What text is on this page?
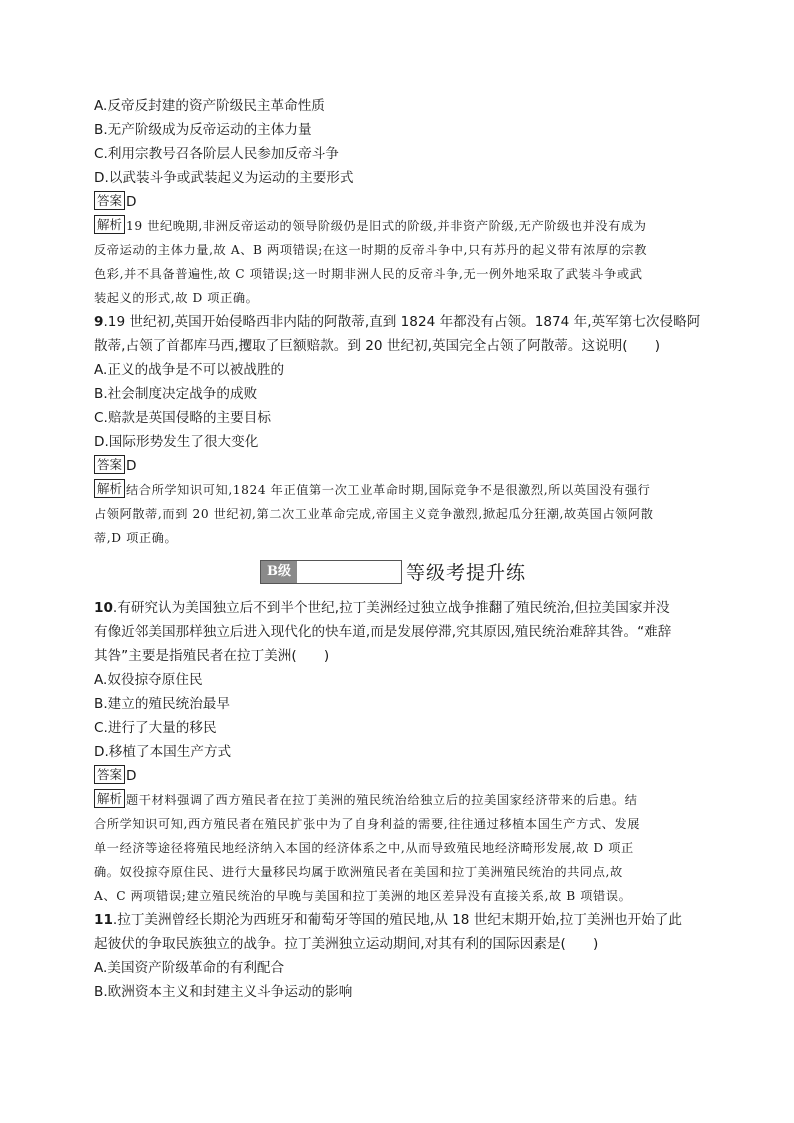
A.反帝反封建的资产阶级民主革命性质
B.无产阶级成为反帝运动的主体力量
C.利用宗教号召各阶层人民参加反帝斗争
D.以武装斗争或武装起义为运动的主要形式
答案 D
解析 19 世纪晚期,非洲反帝运动的领导阶级仍是旧式的阶级,并非资产阶级,无产阶级也并没有成为
反帝运动的主体力量,故 A、B 两项错误;在这一时期的反帝斗争中,只有苏丹的起义带有浓厚的宗教
色彩,并不具备普遍性,故 C 项错误;这一时期非洲人民的反帝斗争,无一例外地采取了武装斗争或武
装起义的形式,故 D 项正确。
9.19 世纪初,英国开始侵略西非内陆的阿散蒂,直到 1824 年都没有占领。1874 年,英军第七次侵略阿
散蒂,占领了首都库马西,攫取了巨额赔款。到 20 世纪初,英国完全占领了阿散蒂。这说明(　　)
A.正义的战争是不可以被战胜的
B.社会制度决定战争的成败
C.赔款是英国侵略的主要目标
D.国际形势发生了很大变化
答案 D
解析 结合所学知识可知,1824 年正值第一次工业革命时期,国际竞争不是很激烈,所以英国没有强行
占领阿散蒂,而到 20 世纪初,第二次工业革命完成,帝国主义竞争激烈,掀起瓜分狂潮,故英国占领阿散
蒂,D 项正确。
B级	等级考提升练
10.有研究认为美国独立后不到半个世纪,拉丁美洲经过独立战争推翻了殖民统治,但拉美国家并没
有像近邻美国那样独立后进入现代化的快车道,而是发展停滞,究其原因,殖民统治难辞其咎。“难辞
其咎”主要是指殖民者在拉丁美洲(　　)
A.奴役掠夺原住民
B.建立的殖民统治最早
C.进行了大量的移民
D.移植了本国生产方式
答案 D
解析 题干材料强调了西方殖民者在拉丁美洲的殖民统治给独立后的拉美国家经济带来的后患。结
合所学知识可知,西方殖民者在殖民扩张中为了自身利益的需要,往往通过移植本国生产方式、发展
单一经济等途径将殖民地经济纳入本国的经济体系之中,从而导致殖民地经济畸形发展,故 D 项正
确。奴役掠夺原住民、进行大量移民均属于欧洲殖民者在美国和拉丁美洲殖民统治的共同点,故
A、C 两项错误;建立殖民统治的早晚与美国和拉丁美洲的地区差异没有直接关系,故 B 项错误。
11.拉丁美洲曾经长期沦为西班牙和葡萄牙等国的殖民地,从 18 世纪末期开始,拉丁美洲也开始了此
起彼伏的争取民族独立的战争。拉丁美洲独立运动期间,对其有利的国际因素是(　　)
A.美国资产阶级革命的有利配合
B.欧洲资本主义和封建主义斗争运动的影响
